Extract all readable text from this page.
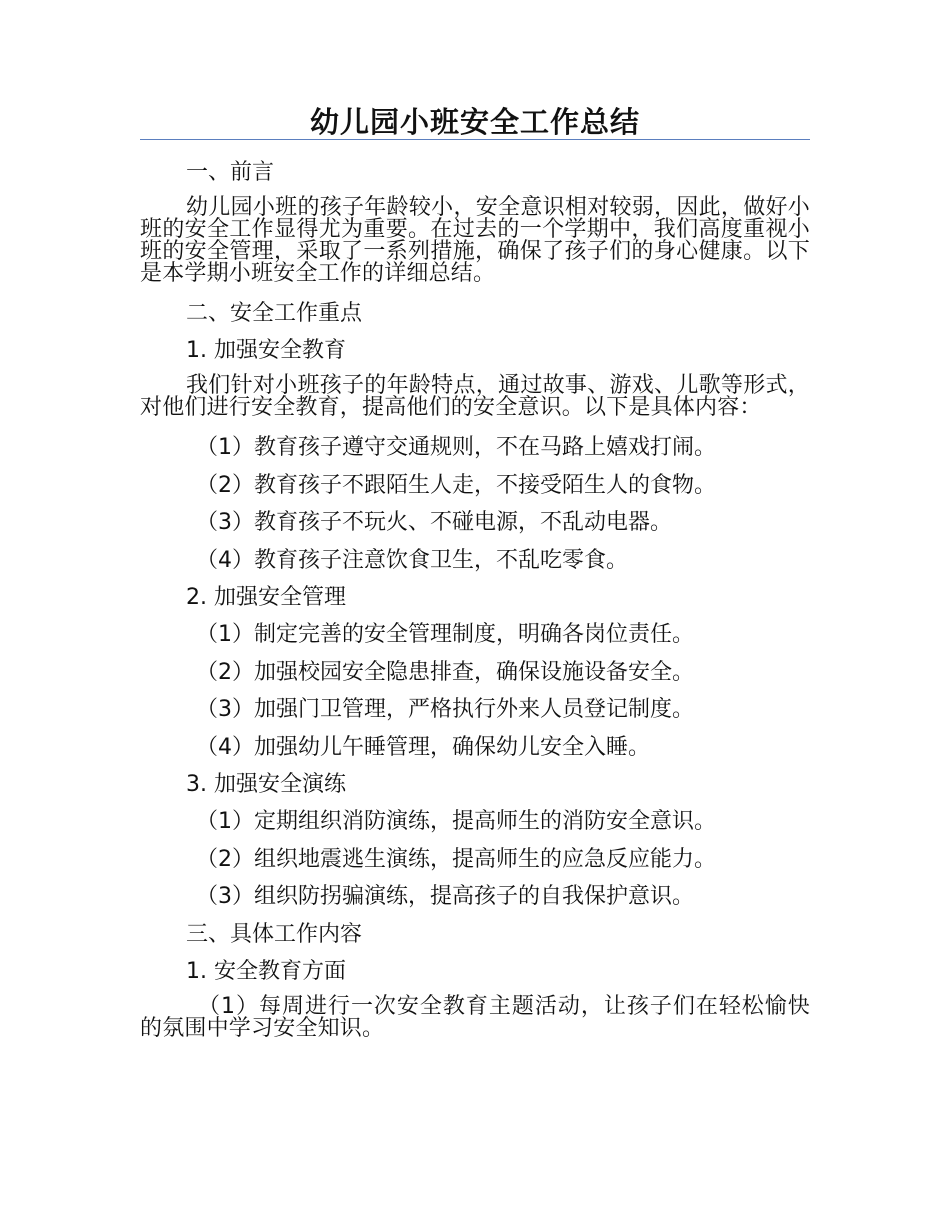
幼儿园小班安全工作总结

一、前言

幼儿园小班的孩子年龄较小，安全意识相对较弱，因此，做好小班的安全工作显得尤为重要。在过去的一个学期中，我们高度重视小班的安全管理，采取了一系列措施，确保了孩子们的身心健康。以下是本学期小班安全工作的详细总结。

二、安全工作重点

1. 加强安全教育

我们针对小班孩子的年龄特点，通过故事、游戏、儿歌等形式，对他们进行安全教育，提高他们的安全意识。以下是具体内容：

（1）教育孩子遵守交通规则，不在马路上嬉戏打闹。

（2）教育孩子不跟陌生人走，不接受陌生人的食物。

（3）教育孩子不玩火、不碰电源，不乱动电器。

（4）教育孩子注意饮食卫生，不乱吃零食。

2. 加强安全管理

（1）制定完善的安全管理制度，明确各岗位责任。

（2）加强校园安全隐患排查，确保设施设备安全。

（3）加强门卫管理，严格执行外来人员登记制度。

（4）加强幼儿午睡管理，确保幼儿安全入睡。

3. 加强安全演练

（1）定期组织消防演练，提高师生的消防安全意识。

（2）组织地震逃生演练，提高师生的应急反应能力。

（3）组织防拐骗演练，提高孩子的自我保护意识。

三、具体工作内容

1. 安全教育方面

（1）每周进行一次安全教育主题活动，让孩子们在轻松愉快的氛围中学习安全知识。
